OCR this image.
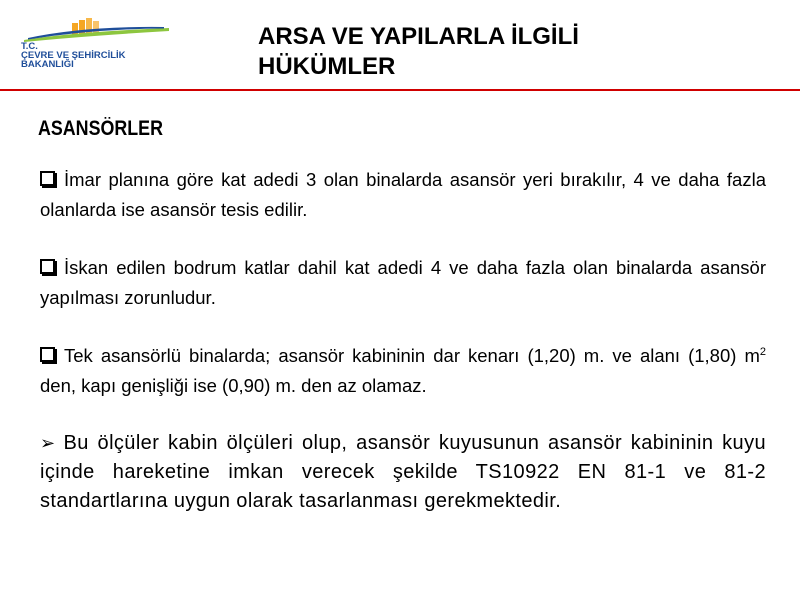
T.C.
ÇEVRE VE ŞEHİRCİLİK
BAKANLIĞI
ARSA VE YAPILARLA İLGİLİ
HÜKÜMLER
ASANSÖRLER

İmar planına göre kat adedi 3 olan binalarda asansör yeri bırakılır, 4 ve daha fazla olanlarda ise asansör tesis edilir.

İskan edilen bodrum katlar dahil kat adedi 4 ve daha fazla olan binalarda asansör yapılması zorunludur.

Tek asansörlü binalarda; asansör kabininin dar kenarı (1,20) m. ve alanı (1,80) $m^2$ den, kapı genişliği ise (0,90) m. den az olamaz.

➢ Bu ölçüler kabin ölçüleri olup, asansör kuyusunun asansör kabininin kuyu içinde hareketine imkan verecek şekilde TS10922 EN 81-1 ve 81-2 standartlarına uygun olarak tasarlanması gerekmektedir.
